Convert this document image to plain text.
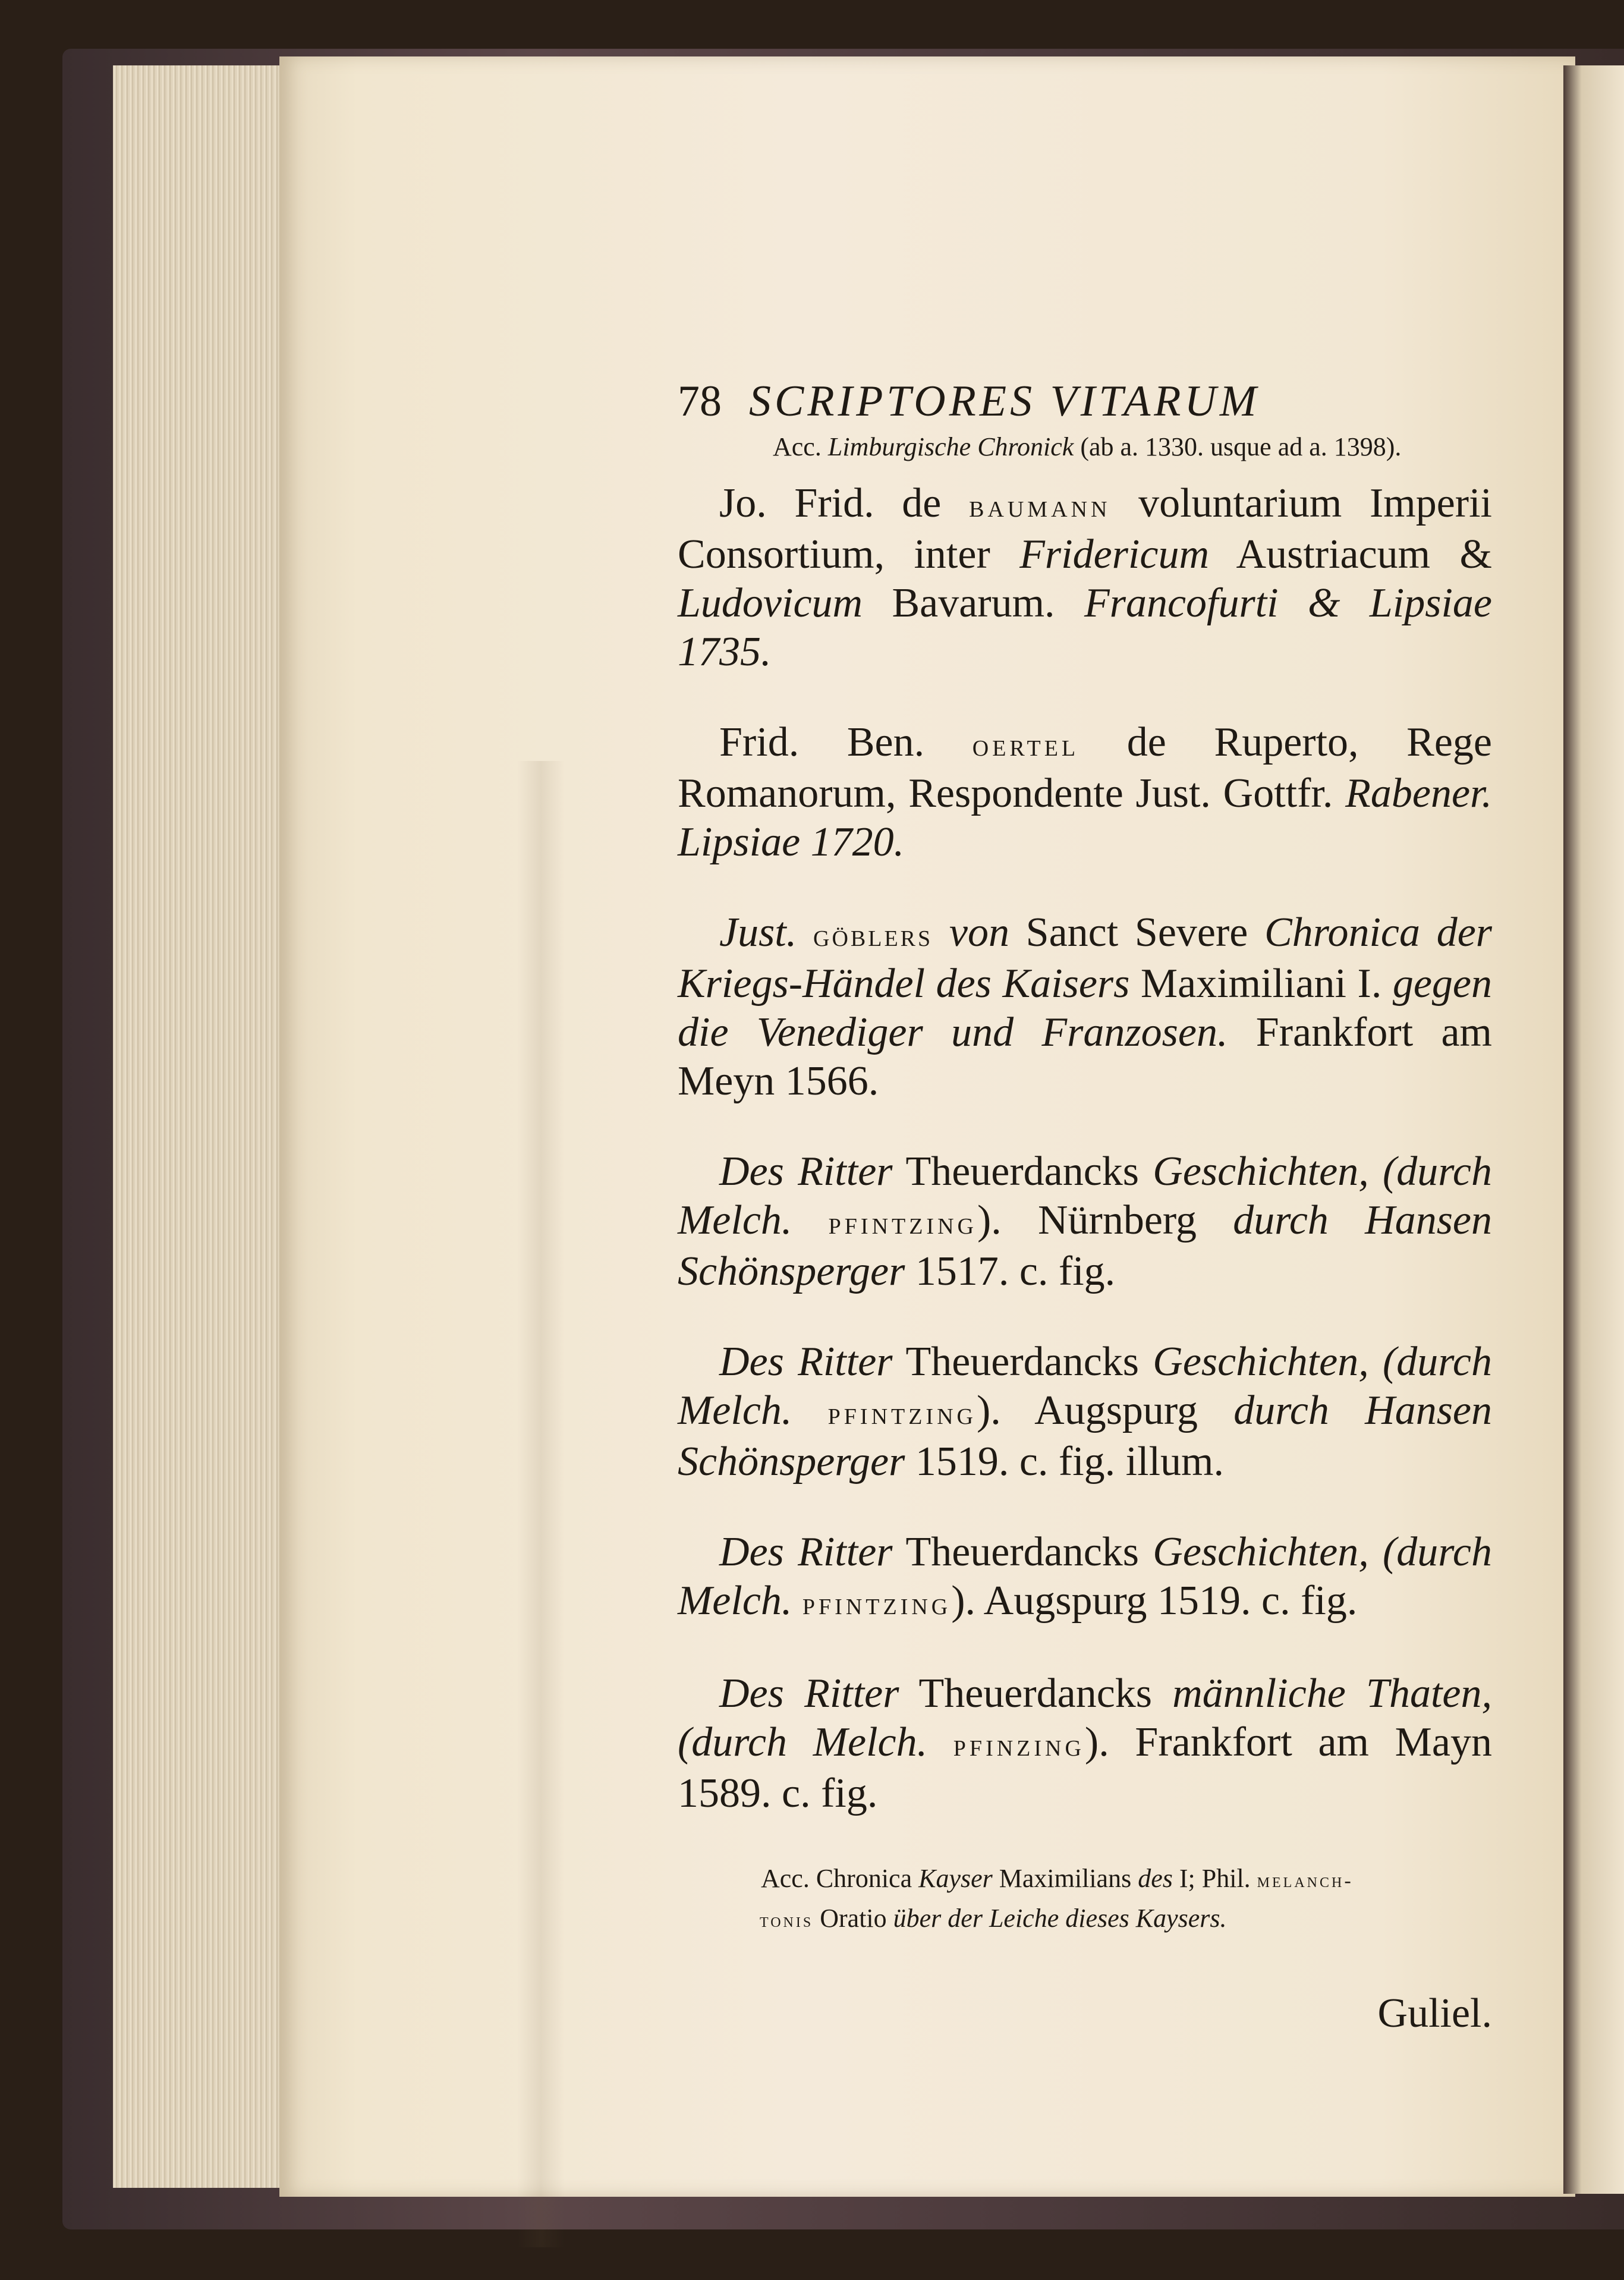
78 SCRIPTORES VITARUM
Acc. Limburgische Chronick (ab a. 1330. usque ad a. 1398).

Jo. Frid. de baumann voluntarium Imperii Consortium, inter Fridericum Austriacum & Ludovicum Bavarum. Francofurti & Lipsiae 1735.

Frid. Ben. oertel de Ruperto, Rege Romanorum, Respondente Just. Gottfr. Rabener. Lipsiae 1720.

Just. göblers von Sanct Severe Chronica der Kriegs-Händel des Kaisers Maximiliani I. gegen die Venediger und Franzosen. Frankfort am Meyn 1566.

Des Ritter Theuerdancks Geschichten, (durch Melch. pfintzing). Nürnberg durch Hansen Schönsperger 1517. c. fig.

Des Ritter Theuerdancks Geschichten, (durch Melch. pfintzing). Augspurg durch Hansen Schönsperger 1519. c. fig. illum.

Des Ritter Theuerdancks Geschichten, (durch Melch. pfintzing). Augspurg 1519. c. fig.

Des Ritter Theuerdancks männliche Thaten, (durch Melch. pfinzing). Frankfort am Mayn 1589. c. fig.

Acc. Chronica Kayser Maximilians des I; Phil. melanch-
tonis Oratio über der Leiche dieses Kaysers.
Guliel.
